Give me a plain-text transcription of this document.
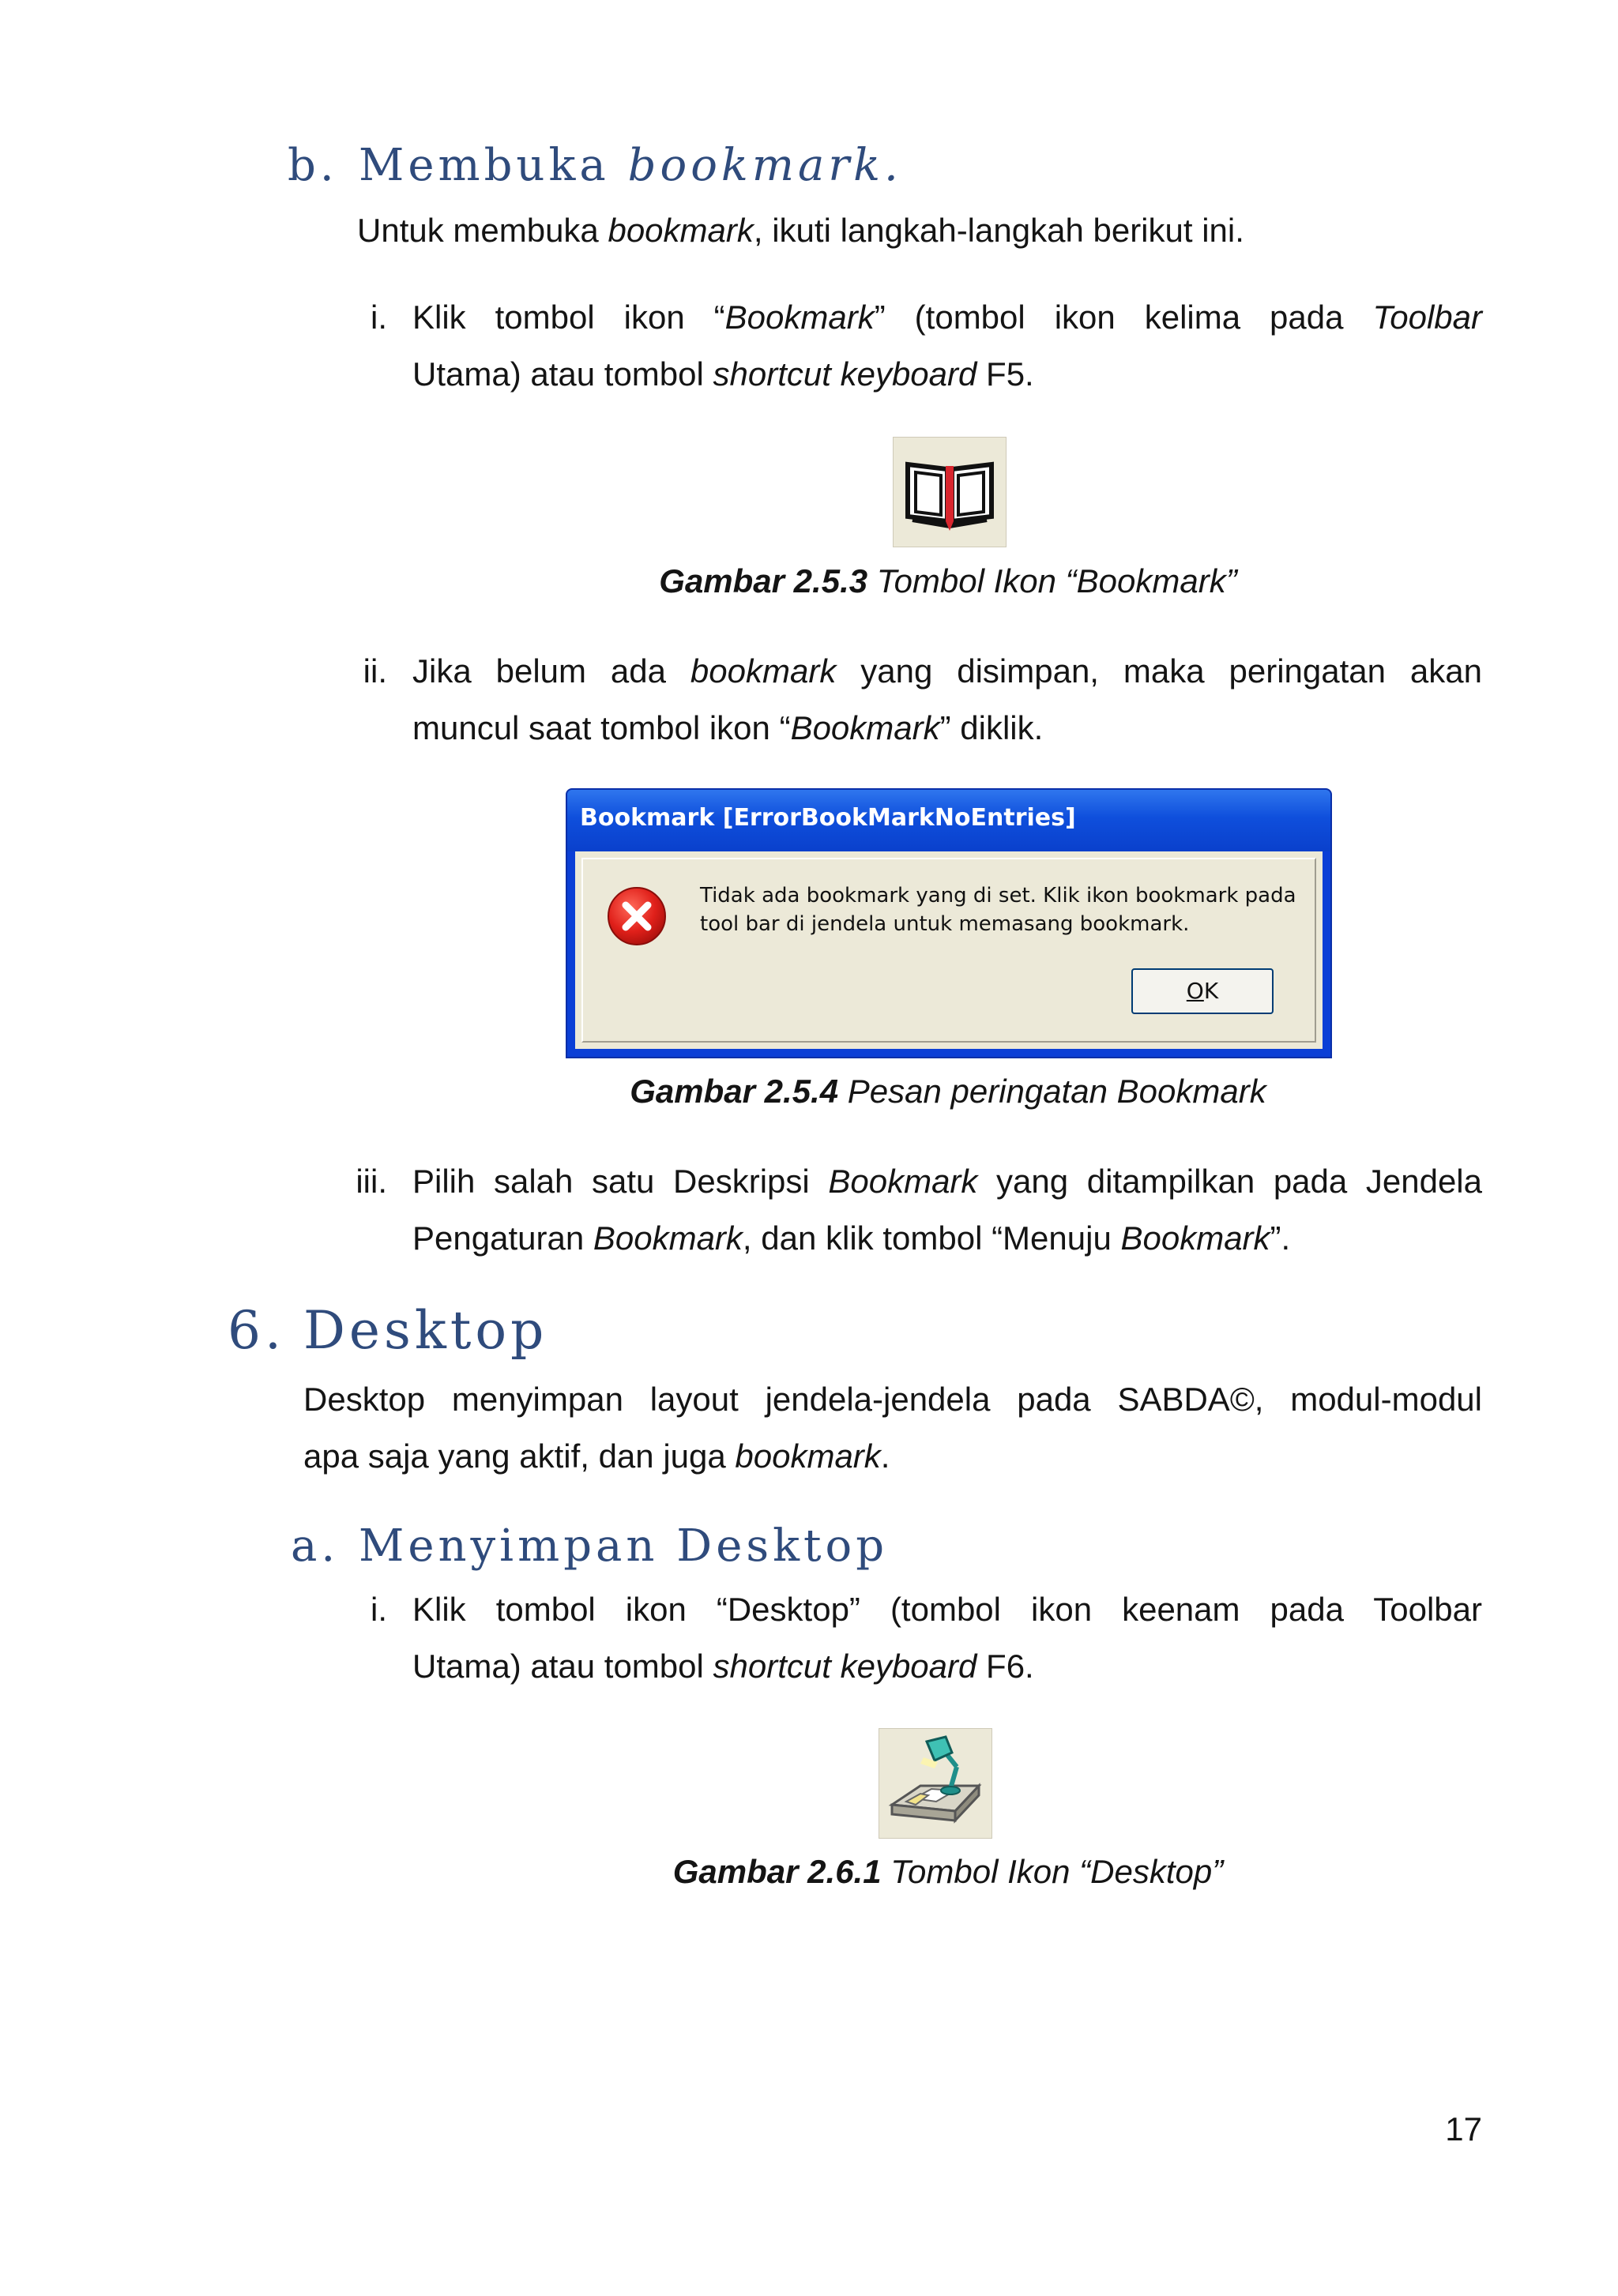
b. Membuka bookmark.
Untuk membuka bookmark, ikuti langkah-langkah berikut ini.
i. Klik tombol ikon “Bookmark” (tombol ikon kelima pada Toolbar
Utama) atau tombol shortcut keyboard F5.
Gambar 2.5.3 Tombol Ikon “Bookmark”
ii. Jika belum ada bookmark yang disimpan, maka peringatan akan
muncul saat tombol ikon “Bookmark” diklik.
Bookmark [ErrorBookMarkNoEntries]
Tidak ada bookmark yang di set. Klik ikon bookmark pada
tool bar di jendela untuk memasang bookmark.
OK
Gambar 2.5.4 Pesan peringatan Bookmark
iii. Pilih salah satu Deskripsi Bookmark yang ditampilkan pada Jendela
Pengaturan Bookmark, dan klik tombol “Menuju Bookmark”.
6. Desktop
Desktop menyimpan layout jendela-jendela pada SABDA©, modul-modul
apa saja yang aktif, dan juga bookmark.
a. Menyimpan Desktop
i. Klik tombol ikon “Desktop” (tombol ikon keenam pada Toolbar
Utama) atau tombol shortcut keyboard F6.
Gambar 2.6.1 Tombol Ikon “Desktop”
17
